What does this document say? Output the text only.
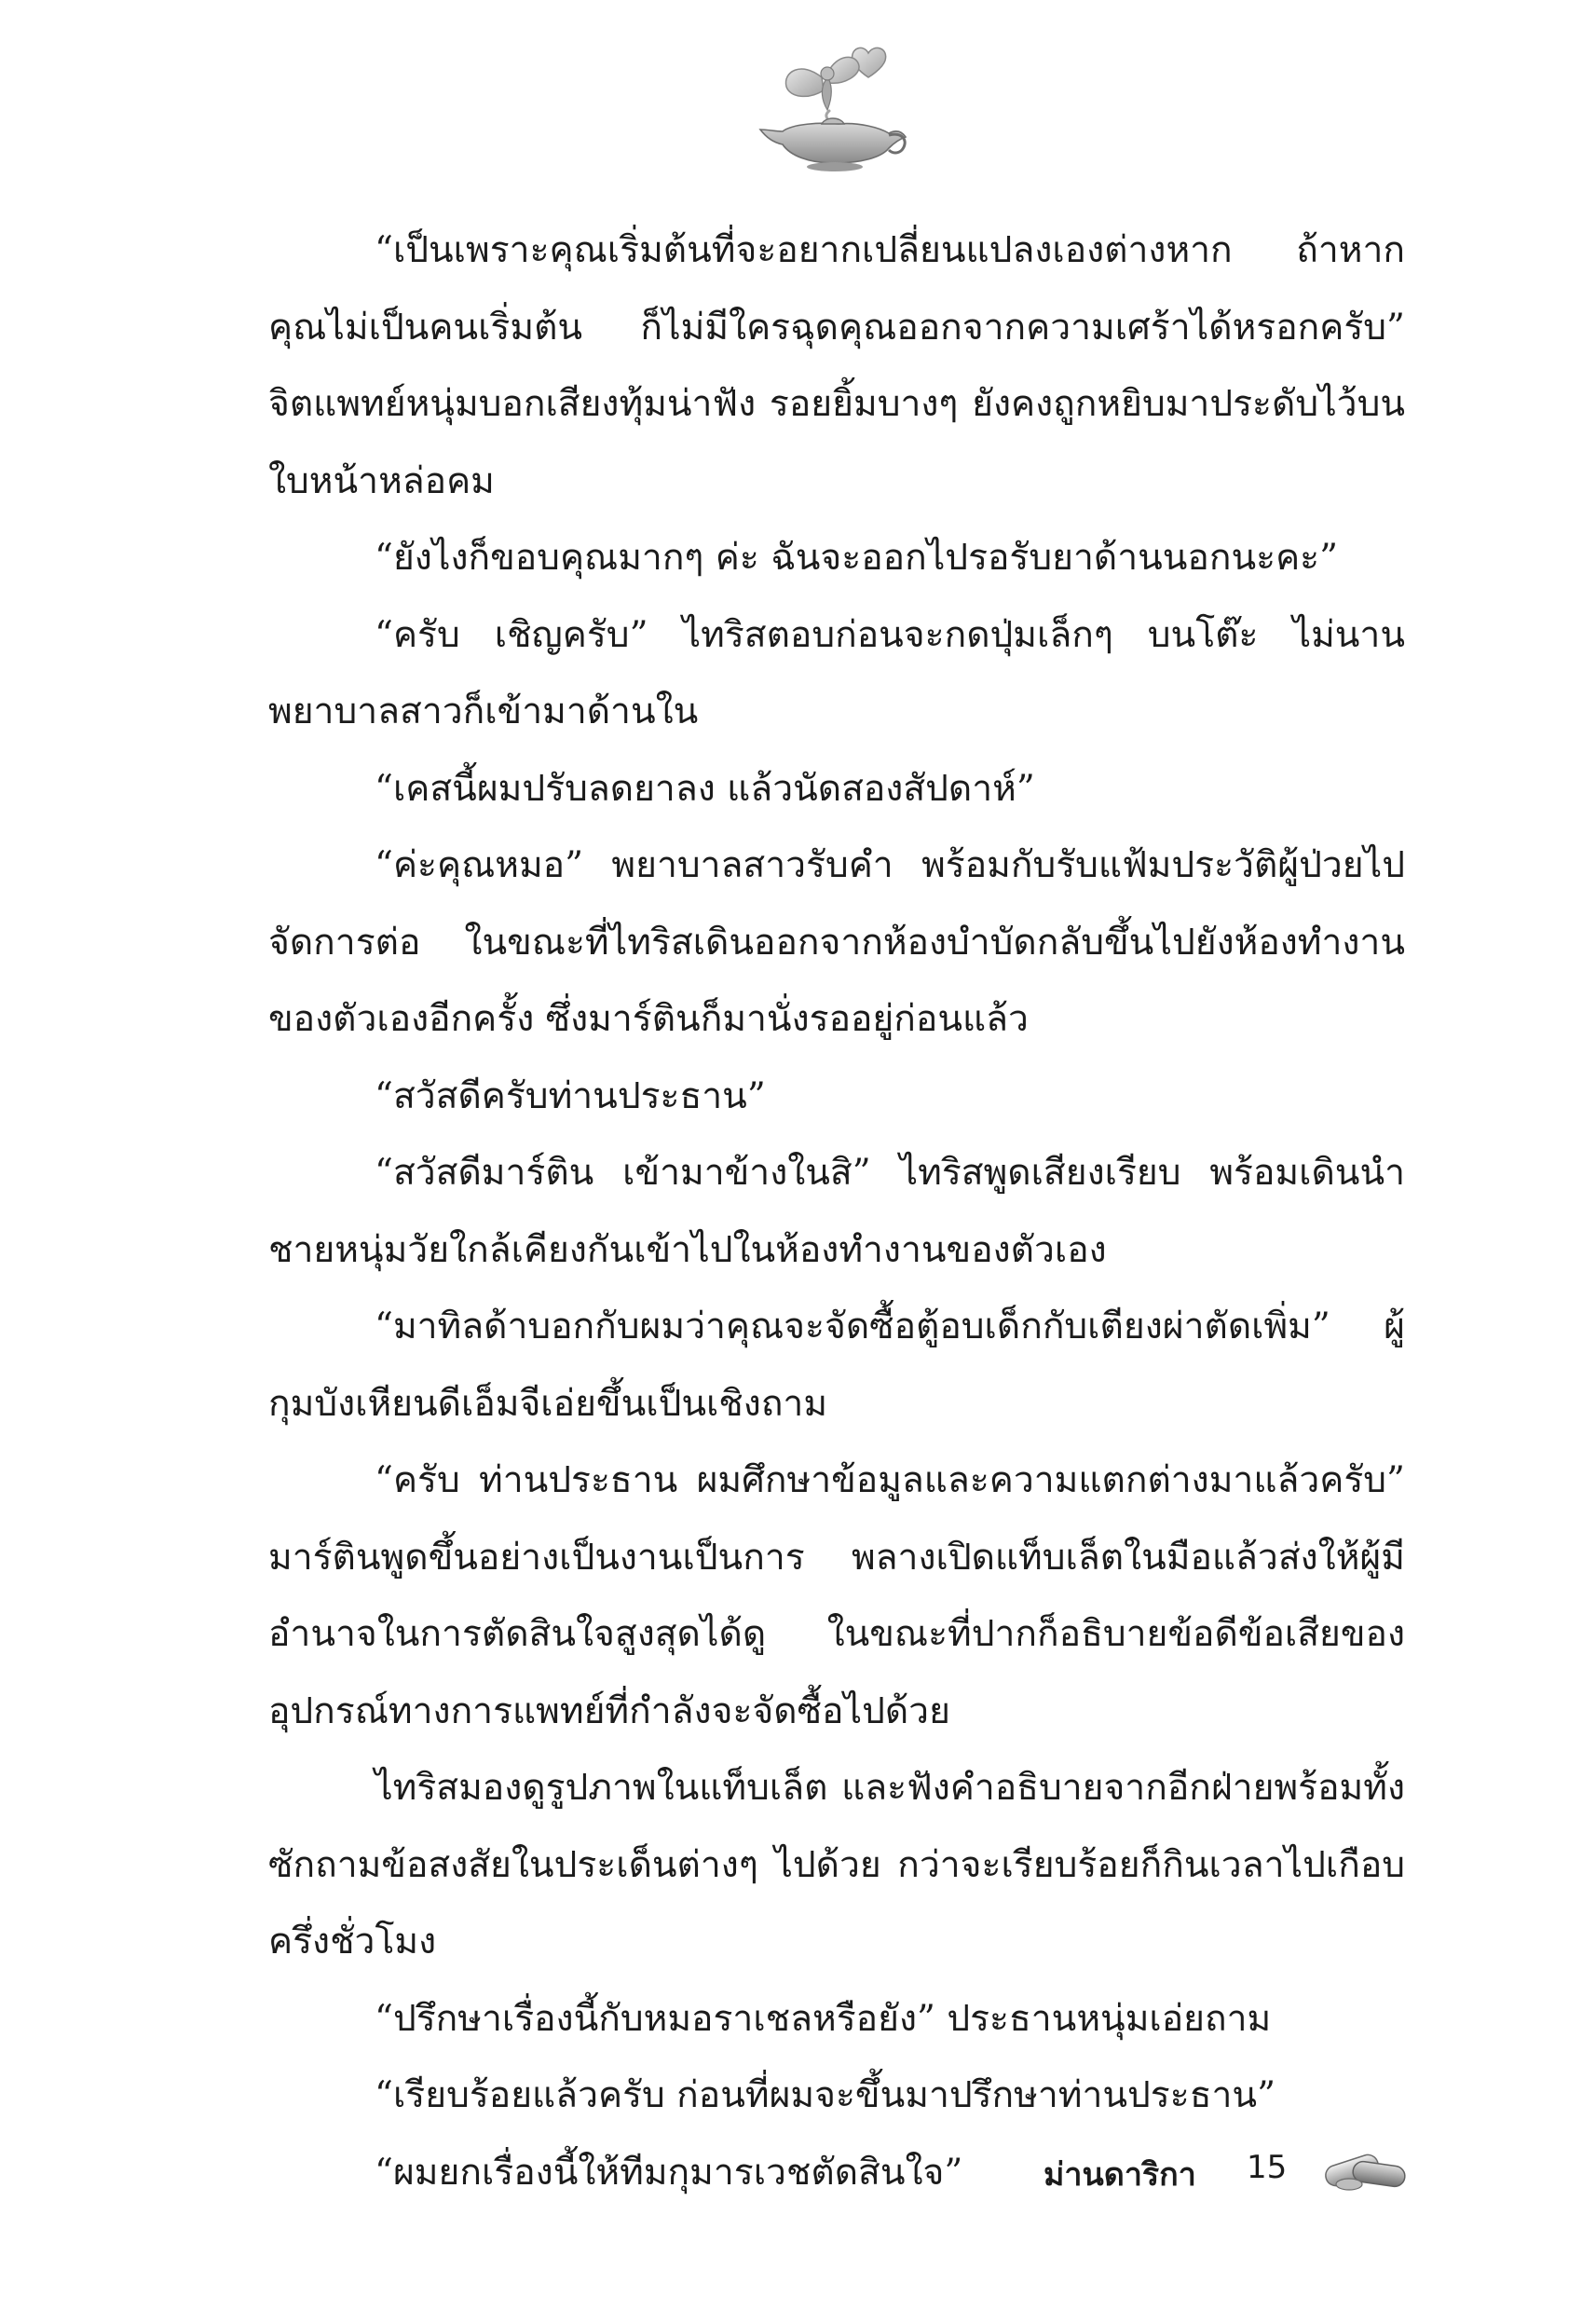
“เป็นเพราะคุณเริ่มต้นที่จะอยากเปลี่ยนแปลงเองต่างหาก ถ้าหากคุณไม่เป็นคนเริ่มต้น ก็ไม่มีใครฉุดคุณออกจากความเศร้าได้หรอกครับ” จิตแพทย์หนุ่มบอกเสียงทุ้มน่าฟัง รอยยิ้มบางๆ ยังคงถูกหยิบมาประดับไว้บนใบหน้าหล่อคม

“ยังไงก็ขอบคุณมากๆ ค่ะ ฉันจะออกไปรอรับยาด้านนอกนะคะ”

“ครับ เชิญครับ” ไทริสตอบก่อนจะกดปุ่มเล็กๆ บนโต๊ะ ไม่นานพยาบาลสาวก็เข้ามาด้านใน

“เคสนี้ผมปรับลดยาลง แล้วนัดสองสัปดาห์”

“ค่ะคุณหมอ” พยาบาลสาวรับคำ พร้อมกับรับแฟ้มประวัติผู้ป่วยไปจัดการต่อ ในขณะที่ไทริสเดินออกจากห้องบำบัดกลับขึ้นไปยังห้องทำงานของตัวเองอีกครั้ง ซึ่งมาร์ตินก็มานั่งรออยู่ก่อนแล้ว

“สวัสดีครับท่านประธาน”

“สวัสดีมาร์ติน เข้ามาข้างในสิ” ไทริสพูดเสียงเรียบ พร้อมเดินนำชายหนุ่มวัยใกล้เคียงกันเข้าไปในห้องทำงานของตัวเอง

“มาทิลด้าบอกกับผมว่าคุณจะจัดซื้อตู้อบเด็กกับเตียงผ่าตัดเพิ่ม” ผู้กุมบังเหียนดีเอ็มจีเอ่ยขึ้นเป็นเชิงถาม

“ครับ ท่านประธาน ผมศึกษาข้อมูลและความแตกต่างมาแล้วครับ” มาร์ตินพูดขึ้นอย่างเป็นงานเป็นการ พลางเปิดแท็บเล็ตในมือแล้วส่งให้ผู้มีอำนาจในการตัดสินใจสูงสุดได้ดู ในขณะที่ปากก็อธิบายข้อดีข้อเสียของอุปกรณ์ทางการแพทย์ที่กำลังจะจัดซื้อไปด้วย

ไทริสมองดูรูปภาพในแท็บเล็ต และฟังคำอธิบายจากอีกฝ่ายพร้อมทั้งซักถามข้อสงสัยในประเด็นต่างๆ ไปด้วย กว่าจะเรียบร้อยก็กินเวลาไปเกือบครึ่งชั่วโมง

“ปรึกษาเรื่องนี้กับหมอราเชลหรือยัง” ประธานหนุ่มเอ่ยถาม

“เรียบร้อยแล้วครับ ก่อนที่ผมจะขึ้นมาปรึกษาท่านประธาน”

“ผมยกเรื่องนี้ให้ทีมกุมารเวชตัดสินใจ”	ม่านดาริกา 15
